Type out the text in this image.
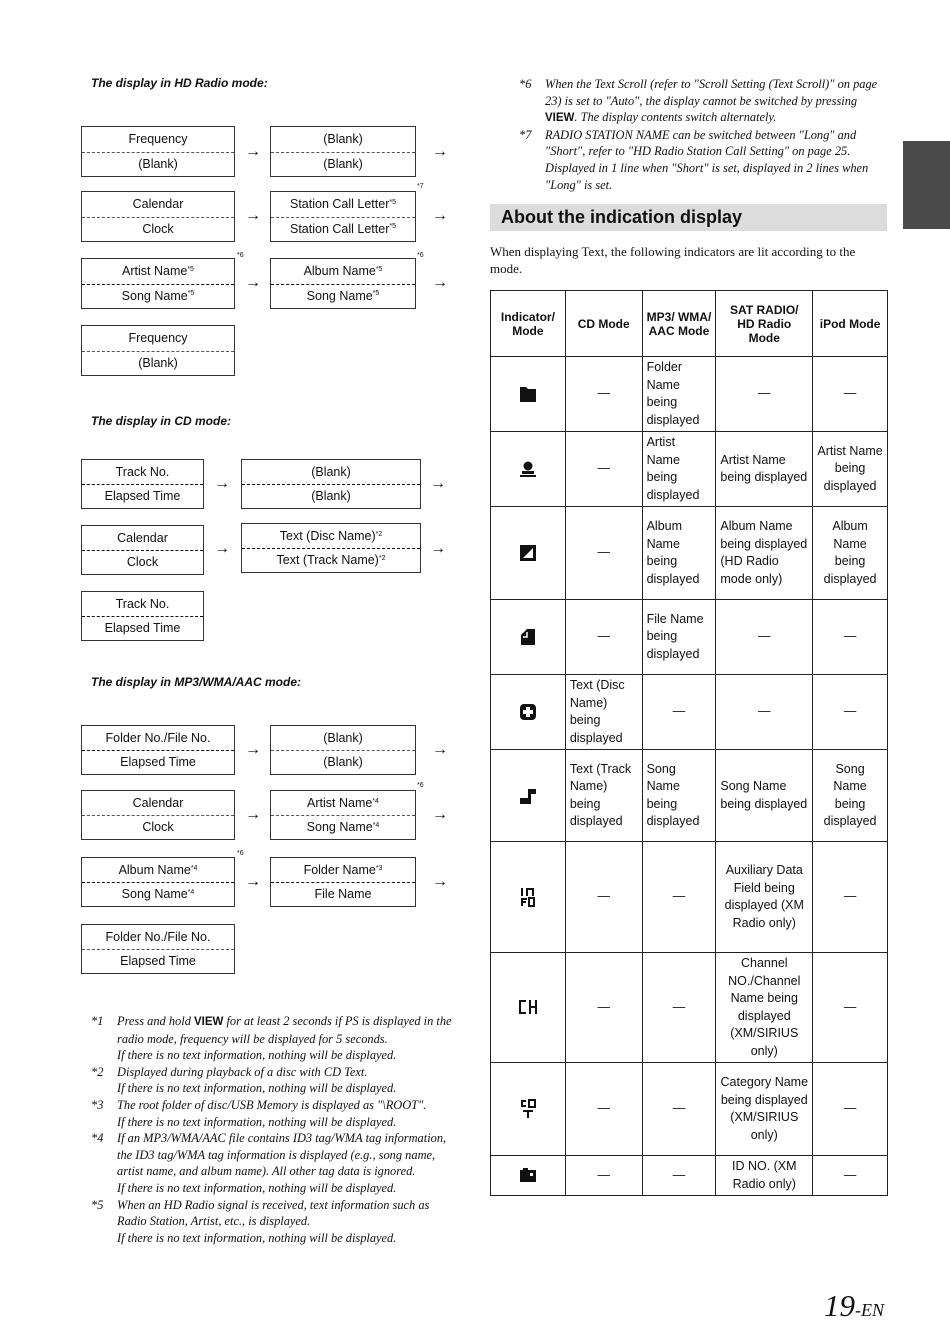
The display in HD Radio mode:
Frequency
(Blank)
→
(Blank)
(Blank)
→
Calendar
Clock
→
Station Call Letter$^{*5}$
Station Call Letter$^{*5}$
*7
→
Artist Name$^{*5}$
Song Name$^{*5}$
*6
→
Album Name$^{*5}$
Song Name$^{*5}$
*6
→
Frequency
(Blank)
The display in CD mode:
Track No.
Elapsed Time
→
(Blank)
(Blank)
→
Calendar
Clock
→
Text (Disc Name)$^{*2}$
Text (Track Name)$^{*2}$
→
Track No.
Elapsed Time
The display in MP3/WMA/AAC mode:
Folder No./File No.
Elapsed Time
→
(Blank)
(Blank)
→
Calendar
Clock
→
Artist Name$^{*4}$
Song Name$^{*4}$
*6
→
Album Name$^{*4}$
Song Name$^{*4}$
*6
→
Folder Name$^{*3}$
File Name
→
Folder No./File No.
Elapsed Time
*1	Press and hold VIEW for at least 2 seconds if PS is displayed in the radio mode, frequency will be displayed for 5 seconds.
If there is no text information, nothing will be displayed.
*2	Displayed during playback of a disc with CD Text.
If there is no text information, nothing will be displayed.
*3	The root folder of disc/USB Memory is displayed as "\ROOT".
If there is no text information, nothing will be displayed.
*4	If an MP3/WMA/AAC file contains ID3 tag/WMA tag information, the ID3 tag/WMA tag information is displayed (e.g., song name, artist name, and album name). All other tag data is ignored.
If there is no text information, nothing will be displayed.
*5	When an HD Radio signal is received, text information such as Radio Station, Artist, etc., is displayed.
If there is no text information, nothing will be displayed.
*6	When the Text Scroll (refer to "Scroll Setting (Text Scroll)" on page 23) is set to "Auto", the display cannot be switched by pressing VIEW. The display contents switch alternately.
*7	RADIO STATION NAME can be switched between "Long" and "Short", refer to "HD Radio Station Call Setting" on page 25. Displayed in 1 line when "Short" is set, displayed in 2 lines when "Long" is set.
About the indication display
When displaying Text, the following indicators are lit according to the mode.
Indicator/ Mode	CD Mode	MP3/ WMA/ AAC Mode	SAT RADIO/ HD Radio Mode	iPod Mode
	—	Folder Name being displayed	—	—
	—	Artist Name being displayed	Artist Name being displayed	Artist Name being displayed
	—	Album Name being displayed	Album Name being displayed (HD Radio mode only)	Album Name being displayed
	—	File Name being displayed	—	—
	Text (Disc Name) being displayed	—	—	—
	Text (Track Name) being displayed	Song Name being displayed	Song Name being displayed	Song Name being displayed
	—	—	Auxiliary Data Field being displayed (XM Radio only)	—
	—	—	Channel NO./Channel Name being displayed (XM/SIRIUS only)	—
	—	—	Category Name being displayed (XM/SIRIUS only)	—
	—	—	ID NO. (XM Radio only)	—
19-EN
